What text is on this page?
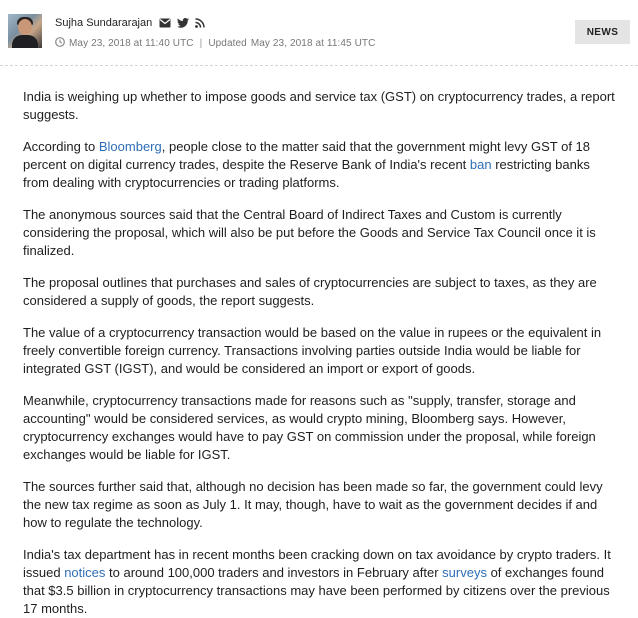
Sujha Sundararajan
May 23, 2018 at 11:40 UTC | Updated May 23, 2018 at 11:45 UTC
NEWS

India is weighing up whether to impose goods and service tax (GST) on cryptocurrency trades, a report suggests.

According to Bloomberg, people close to the matter said that the government might levy GST of 18 percent on digital currency trades, despite the Reserve Bank of India's recent ban restricting banks from dealing with cryptocurrencies or trading platforms.

The anonymous sources said that the Central Board of Indirect Taxes and Custom is currently considering the proposal, which will also be put before the Goods and Service Tax Council once it is finalized.

The proposal outlines that purchases and sales of cryptocurrencies are subject to taxes, as they are considered a supply of goods, the report suggests.

The value of a cryptocurrency transaction would be based on the value in rupees or the equivalent in freely convertible foreign currency. Transactions involving parties outside India would be liable for integrated GST (IGST), and would be considered an import or export of goods.

Meanwhile, cryptocurrency transactions made for reasons such as "supply, transfer, storage and accounting" would be considered services, as would crypto mining, Bloomberg says. However, cryptocurrency exchanges would have to pay GST on commission under the proposal, while foreign exchanges would be liable for IGST.

The sources further said that, although no decision has been made so far, the government could levy the new tax regime as soon as July 1. It may, though, have to wait as the government decides if and how to regulate the technology.

India's tax department has in recent months been cracking down on tax avoidance by crypto traders. It issued notices to around 100,000 traders and investors in February after surveys of exchanges found that $3.5 billion in cryptocurrency transactions may have been performed by citizens over the previous 17 months.
